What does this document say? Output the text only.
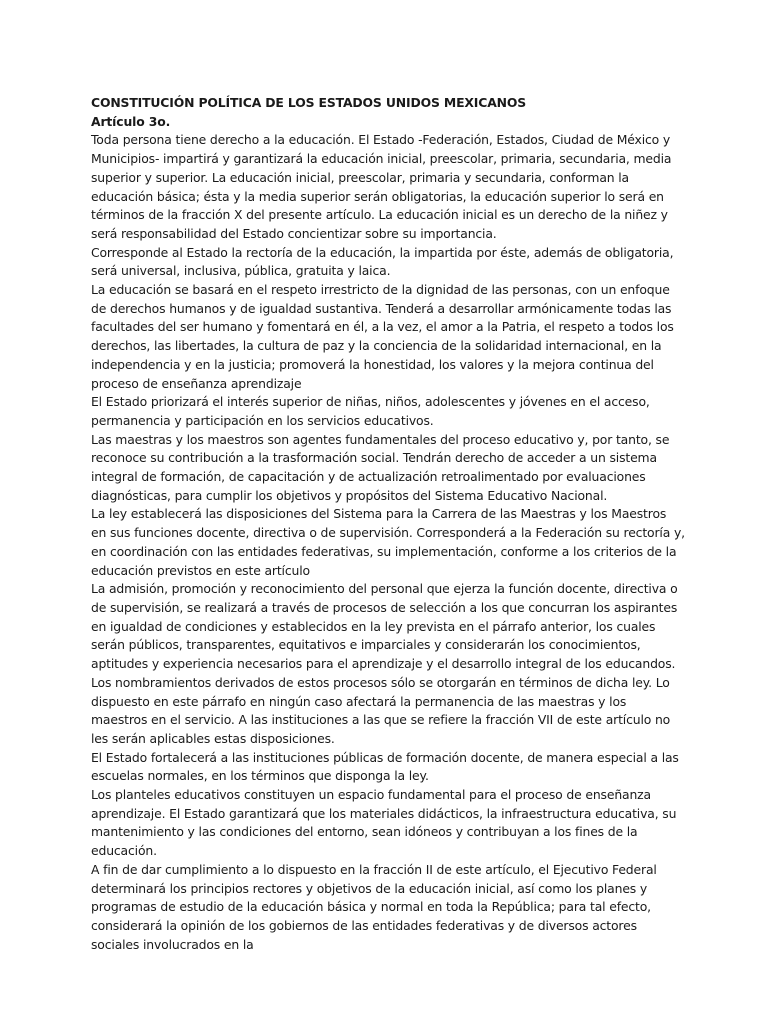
CONSTITUCIÓN POLÍTICA DE LOS ESTADOS UNIDOS MEXICANOS

Artículo 3o.

Toda persona tiene derecho a la educación. El Estado -Federación, Estados, Ciudad de México y Municipios- impartirá y garantizará la educación inicial, preescolar, primaria, secundaria, media superior y superior. La educación inicial, preescolar, primaria y secundaria, conforman la educación básica; ésta y la media superior serán obligatorias, la educación superior lo será en términos de la fracción X del presente artículo. La educación inicial es un derecho de la niñez y será responsabilidad del Estado concientizar sobre su importancia.

Corresponde al Estado la rectoría de la educación, la impartida por éste, además de obligatoria, será universal, inclusiva, pública, gratuita y laica.

La educación se basará en el respeto irrestricto de la dignidad de las personas, con un enfoque de derechos humanos y de igualdad sustantiva. Tenderá a desarrollar armónicamente todas las facultades del ser humano y fomentará en él, a la vez, el amor a la Patria, el respeto a todos los derechos, las libertades, la cultura de paz y la conciencia de la solidaridad internacional, en la independencia y en la justicia; promoverá la honestidad, los valores y la mejora continua del proceso de enseñanza aprendizaje

El Estado priorizará el interés superior de niñas, niños, adolescentes y jóvenes en el acceso, permanencia y participación en los servicios educativos.

Las maestras y los maestros son agentes fundamentales del proceso educativo y, por tanto, se reconoce su contribución a la trasformación social. Tendrán derecho de acceder a un sistema integral de formación, de capacitación y de actualización retroalimentado por evaluaciones diagnósticas, para cumplir los objetivos y propósitos del Sistema Educativo Nacional.

La ley establecerá las disposiciones del Sistema para la Carrera de las Maestras y los Maestros en sus funciones docente, directiva o de supervisión. Corresponderá a la Federación su rectoría y, en coordinación con las entidades federativas, su implementación, conforme a los criterios de la educación previstos en este artículo

La admisión, promoción y reconocimiento del personal que ejerza la función docente, directiva o de supervisión, se realizará a través de procesos de selección a los que concurran los aspirantes en igualdad de condiciones y establecidos en la ley prevista en el párrafo anterior, los cuales serán públicos, transparentes, equitativos e imparciales y considerarán los conocimientos, aptitudes y experiencia necesarios para el aprendizaje y el desarrollo integral de los educandos. Los nombramientos derivados de estos procesos sólo se otorgarán en términos de dicha ley. Lo dispuesto en este párrafo en ningún caso afectará la permanencia de las maestras y los maestros en el servicio. A las instituciones a las que se refiere la fracción VII de este artículo no les serán aplicables estas disposiciones.

El Estado fortalecerá a las instituciones públicas de formación docente, de manera especial a las escuelas normales, en los términos que disponga la ley.

Los planteles educativos constituyen un espacio fundamental para el proceso de enseñanza aprendizaje. El Estado garantizará que los materiales didácticos, la infraestructura educativa, su mantenimiento y las condiciones del entorno, sean idóneos y contribuyan a los fines de la educación.

A fin de dar cumplimiento a lo dispuesto en la fracción II de este artículo, el Ejecutivo Federal determinará los principios rectores y objetivos de la educación inicial, así como los planes y programas de estudio de la educación básica y normal en toda la República; para tal efecto, considerará la opinión de los gobiernos de las entidades federativas y de diversos actores sociales involucrados en la
